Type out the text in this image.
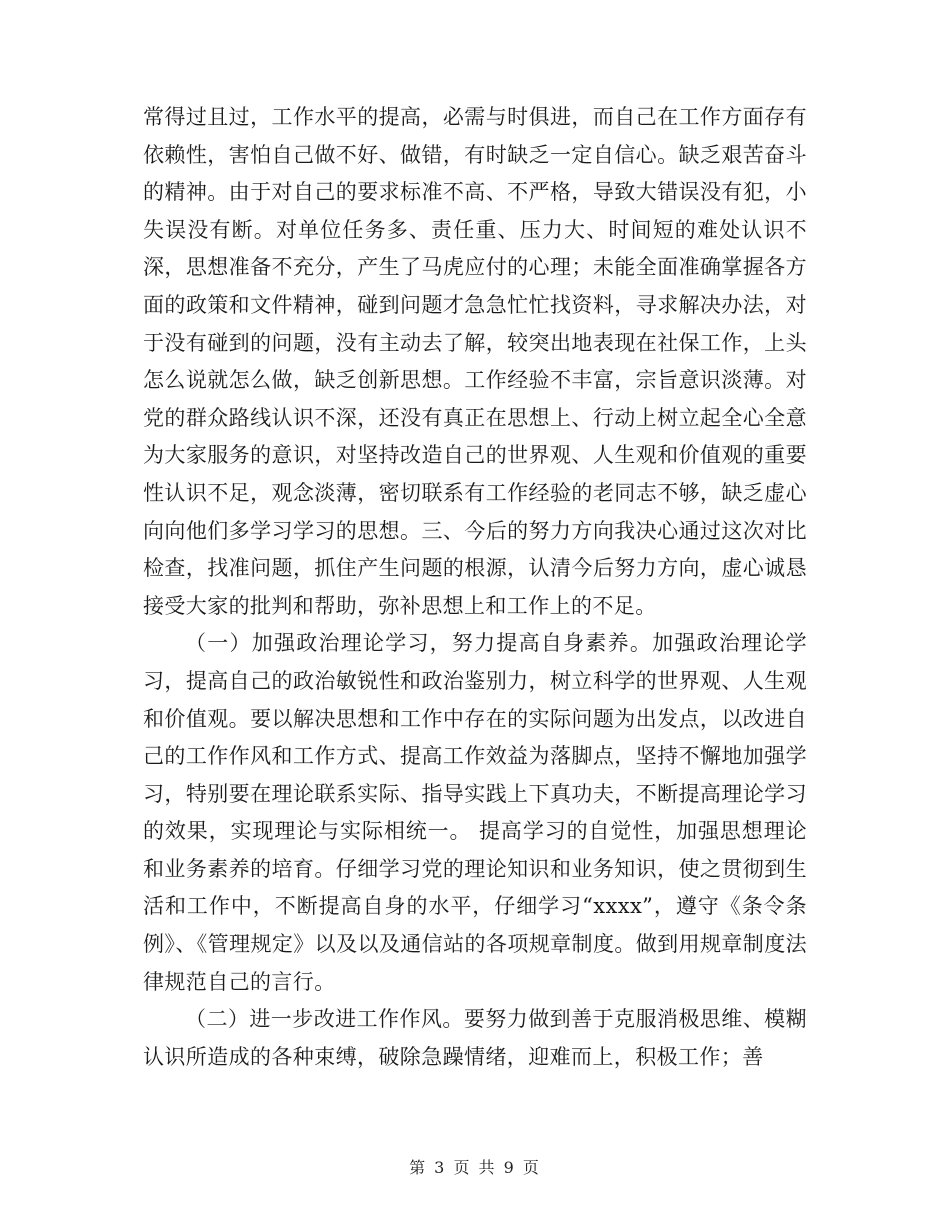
常得过且过，工作水平的提高，必需与时俱进，而自己在工作方面存有依赖性，害怕自己做不好、做错，有时缺乏一定自信心。缺乏艰苦奋斗的精神。由于对自己的要求标准不高、不严格，导致大错误没有犯，小失误没有断。对单位任务多、责任重、压力大、时间短的难处认识不深，思想准备不充分，产生了马虎应付的心理；未能全面准确掌握各方面的政策和文件精神，碰到问题才急急忙忙找资料，寻求解决办法，对于没有碰到的问题，没有主动去了解，较突出地表现在社保工作，上头怎么说就怎么做，缺乏创新思想。工作经验不丰富，宗旨意识淡薄。对党的群众路线认识不深，还没有真正在思想上、行动上树立起全心全意为大家服务的意识，对坚持改造自己的世界观、人生观和价值观的重要性认识不足，观念淡薄，密切联系有工作经验的老同志不够，缺乏虚心向向他们多学习学习的思想。三、今后的努力方向我决心通过这次对比检查，找准问题，抓住产生问题的根源，认清今后努力方向，虚心诚恳接受大家的批判和帮助，弥补思想上和工作上的不足。

（一）加强政治理论学习，努力提高自身素养。加强政治理论学习，提高自己的政治敏锐性和政治鉴别力，树立科学的世界观、人生观和价值观。要以解决思想和工作中存在的实际问题为出发点，以改进自己的工作作风和工作方式、提高工作效益为落脚点，坚持不懈地加强学习，特别要在理论联系实际、指导实践上下真功夫，不断提高理论学习的效果，实现理论与实际相统一。 提高学习的自觉性，加强思想理论和业务素养的培育。仔细学习党的理论知识和业务知识，使之贯彻到生活和工作中，不断提高自身的水平，仔细学习“xxxx”，遵守《条令条例》、《管理规定》以及以及通信站的各项规章制度。做到用规章制度法律规范自己的言行。

（二）进一步改进工作作风。要努力做到善于克服消极思维、模糊认识所造成的各种束缚，破除急躁情绪，迎难而上，积极工作；善

第 3 页 共 9 页
